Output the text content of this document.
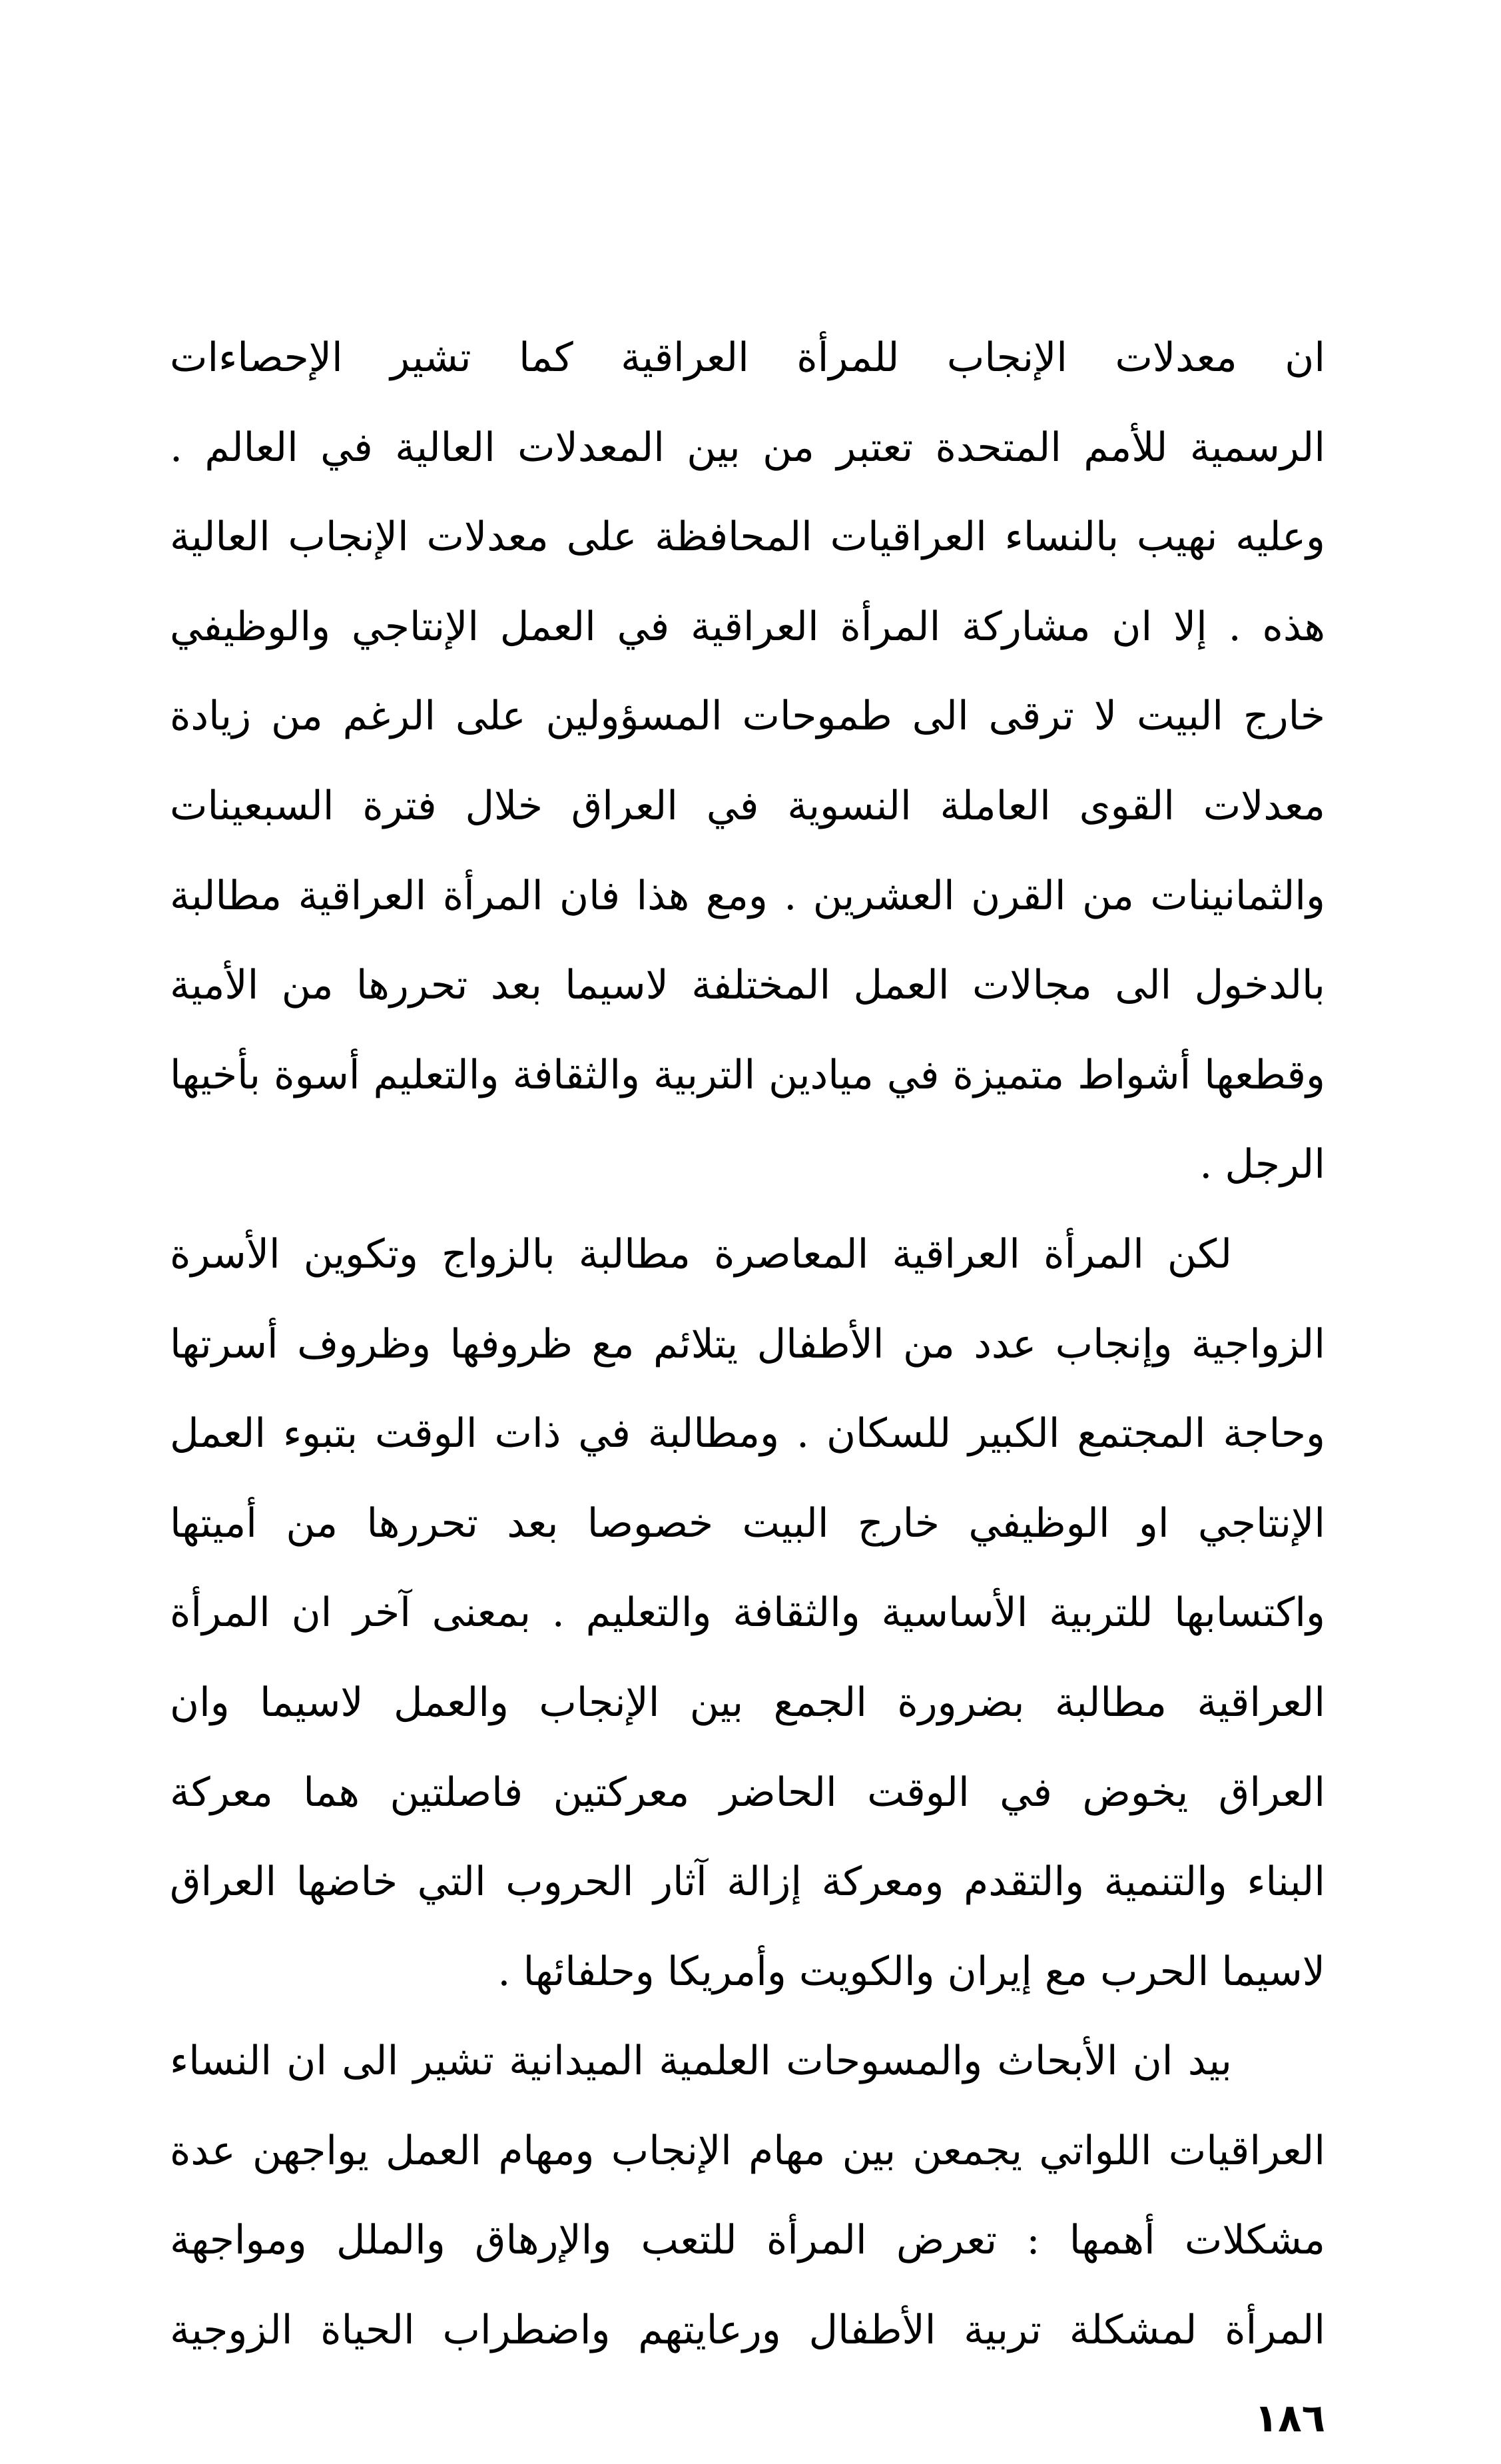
ان معدلات الإنجاب للمرأة العراقية كما تشير الإحصاءات
الرسمية للأمم المتحدة تعتبر من بين المعدلات العالية في العالم .
وعليه نهيب بالنساء العراقيات المحافظة على معدلات الإنجاب العالية
هذه . إلا ان مشاركة المرأة العراقية في العمل الإنتاجي والوظيفي
خارج البيت لا ترقى الى طموحات المسؤولين على الرغم من زيادة
معدلات القوى العاملة النسوية في العراق خلال فترة السبعينات
والثمانينات من القرن العشرين . ومع هذا فان المرأة العراقية مطالبة
بالدخول الى مجالات العمل المختلفة لاسيما بعد تحررها من الأمية
وقطعها أشواط متميزة في ميادين التربية والثقافة والتعليم أسوة بأخيها
الرجل .
لكن المرأة العراقية المعاصرة مطالبة بالزواج وتكوين الأسرة
الزواجية وإنجاب عدد من الأطفال يتلائم مع ظروفها وظروف أسرتها
وحاجة المجتمع الكبير للسكان . ومطالبة في ذات الوقت بتبوء العمل
الإنتاجي او الوظيفي خارج البيت خصوصا بعد تحررها من أميتها
واكتسابها للتربية الأساسية والثقافة والتعليم . بمعنى آخر ان المرأة
العراقية مطالبة بضرورة الجمع بين الإنجاب والعمل لاسيما وان
العراق يخوض في الوقت الحاضر معركتين فاصلتين هما معركة
البناء والتنمية والتقدم ومعركة إزالة آثار الحروب التي خاضها العراق
لاسيما الحرب مع إيران والكويت وأمريكا وحلفائها .
بيد ان الأبحاث والمسوحات العلمية الميدانية تشير الى ان النساء
العراقيات اللواتي يجمعن بين مهام الإنجاب ومهام العمل يواجهن عدة
مشكلات أهمها : تعرض المرأة للتعب والإرهاق والملل ومواجهة
المرأة لمشكلة تربية الأطفال ورعايتهم واضطراب الحياة الزوجية
١٨٦
